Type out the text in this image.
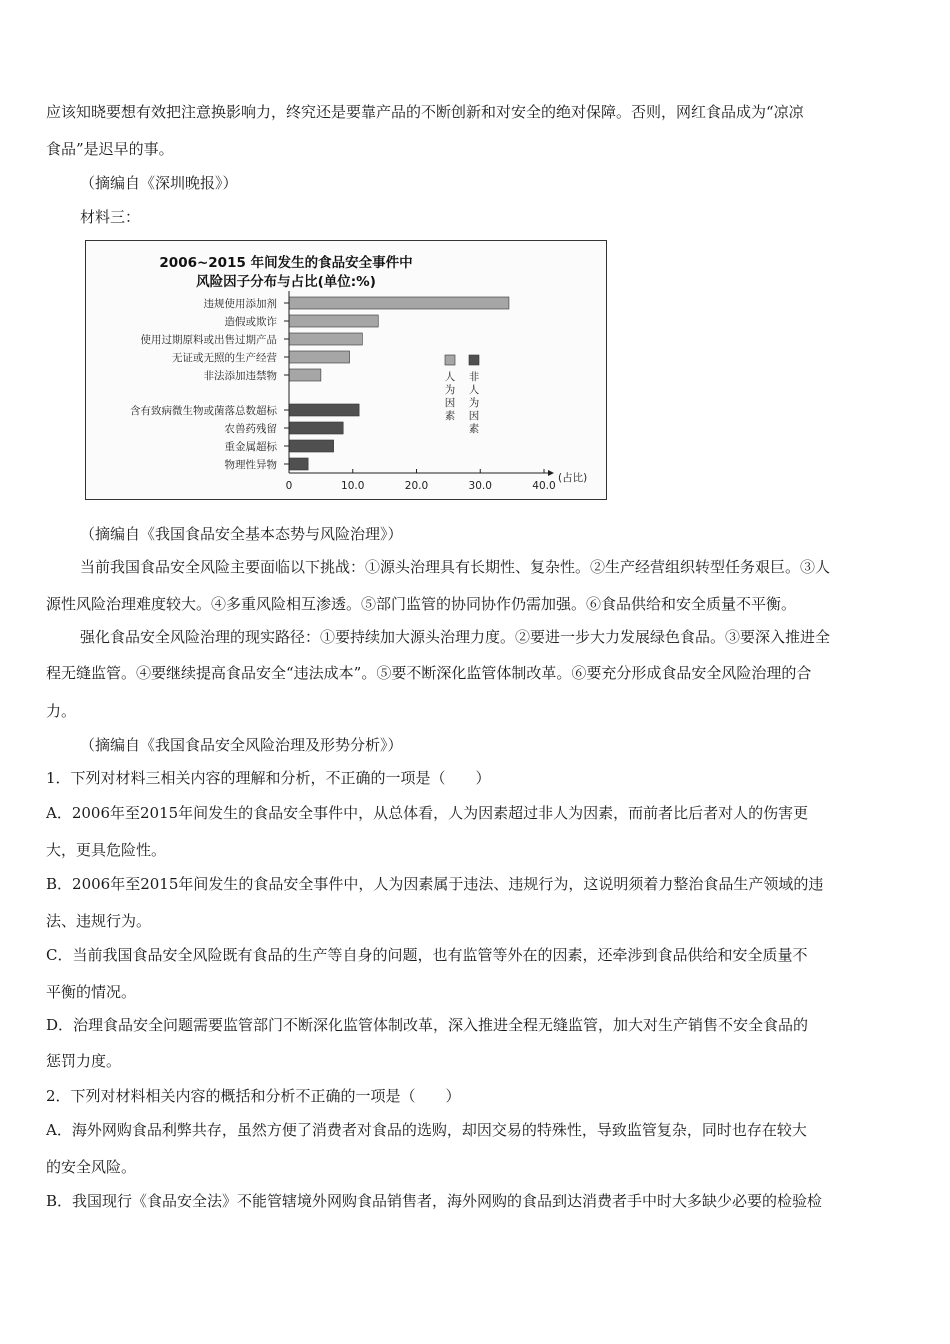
应该知晓要想有效把注意换影响力，终究还是要靠产品的不断创新和对安全的绝对保障。否则，网红食品成为“凉凉
食品”是迟早的事。
（摘编自《深圳晚报》）
材料三：
2006~2015 年间发生的食品安全事件中
风险因子分布与占比(单位:%)
违规使用添加剂
造假或欺诈
使用过期原料或出售过期产品
无证或无照的生产经营
非法添加违禁物
含有致病微生物或菌落总数超标
农兽药残留
重金属超标
物理性异物
0	10.0	20.0	30.0	40.0
(占比)
人为因素
非人为因素
（摘编自《我国食品安全基本态势与风险治理》）
当前我国食品安全风险主要面临以下挑战：①源头治理具有长期性、复杂性。②生产经营组织转型任务艰巨。③人
源性风险治理难度较大。④多重风险相互渗透。⑤部门监管的协同协作仍需加强。⑥食品供给和安全质量不平衡。
强化食品安全风险治理的现实路径：①要持续加大源头治理力度。②要进一步大力发展绿色食品。③要深入推进全
程无缝监管。④要继续提高食品安全“违法成本”。⑤要不断深化监管体制改革。⑥要充分形成食品安全风险治理的合
力。
（摘编自《我国食品安全风险治理及形势分析》）
1．下列对材料三相关内容的理解和分析，不正确的一项是（　　）
A．2006年至2015年间发生的食品安全事件中，从总体看，人为因素超过非人为因素，而前者比后者对人的伤害更
大，更具危险性。
B．2006年至2015年间发生的食品安全事件中，人为因素属于违法、违规行为，这说明须着力整治食品生产领域的违
法、违规行为。
C．当前我国食品安全风险既有食品的生产等自身的问题，也有监管等外在的因素，还牵涉到食品供给和安全质量不
平衡的情况。
D．治理食品安全问题需要监管部门不断深化监管体制改革，深入推进全程无缝监管，加大对生产销售不安全食品的
惩罚力度。
2．下列对材料相关内容的概括和分析不正确的一项是（　　）
A．海外网购食品利弊共存，虽然方便了消费者对食品的选购，却因交易的特殊性，导致监管复杂，同时也存在较大
的安全风险。
B．我国现行《食品安全法》不能管辖境外网购食品销售者，海外网购的食品到达消费者手中时大多缺少必要的检验检
